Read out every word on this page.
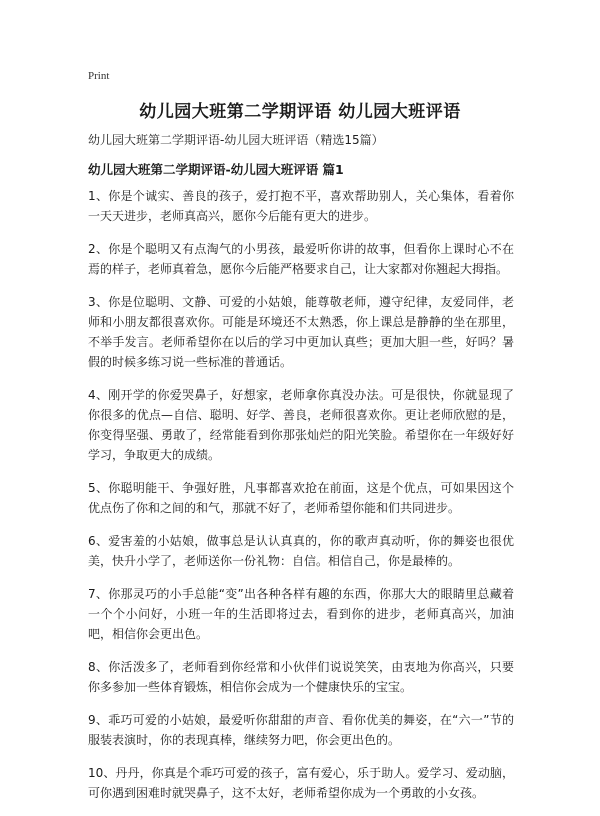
Print
幼儿园大班第二学期评语 幼儿园大班评语
幼儿园大班第二学期评语-幼儿园大班评语（精选15篇）
幼儿园大班第二学期评语-幼儿园大班评语 篇1

1、你是个诚实、善良的孩子，爱打抱不平，喜欢帮助别人，关心集体，看着你一天天进步，老师真高兴，愿你今后能有更大的进步。

2、你是个聪明又有点淘气的小男孩，最爱听你讲的故事，但看你上课时心不在焉的样子，老师真着急，愿你今后能严格要求自己，让大家都对你翘起大拇指。

3、你是位聪明、文静、可爱的小姑娘，能尊敬老师，遵守纪律，友爱同伴，老师和小朋友都很喜欢你。可能是环境还不太熟悉，你上课总是静静的坐在那里，不举手发言。老师希望你在以后的学习中更加认真些；更加大胆一些，好吗？暑假的时候多练习说一些标准的普通话。

4、刚开学的你爱哭鼻子，好想家，老师拿你真没办法。可是很快，你就显现了你很多的优点—自信、聪明、好学、善良，老师很喜欢你。更让老师欣慰的是，你变得坚强、勇敢了，经常能看到你那张灿烂的阳光笑脸。希望你在一年级好好学习，争取更大的成绩。

5、你聪明能干、争强好胜，凡事都喜欢抢在前面，这是个优点，可如果因这个优点伤了你和之间的和气，那就不好了，老师希望你能和们共同进步。

6、爱害羞的小姑娘，做事总是认认真真的，你的歌声真动听，你的舞姿也很优美，快升小学了，老师送你一份礼物：自信。相信自己，你是最棒的。

7、你那灵巧的小手总能“变”出各种各样有趣的东西，你那大大的眼睛里总藏着一个个小问好，小班一年的生活即将过去，看到你的进步，老师真高兴，加油吧，相信你会更出色。

8、你活泼多了，老师看到你经常和小伙伴们说说笑笑，由衷地为你高兴，只要你多参加一些体育锻炼，相信你会成为一个健康快乐的宝宝。

9、乖巧可爱的小姑娘，最爱听你甜甜的声音、看你优美的舞姿，在“六一”节的服装表演时，你的表现真棒，继续努力吧，你会更出色的。

10、丹丹，你真是个乖巧可爱的孩子，富有爱心，乐于助人。爱学习、爱动脑，可你遇到困难时就哭鼻子，这不太好，老师希望你成为一个勇敢的小女孩。
